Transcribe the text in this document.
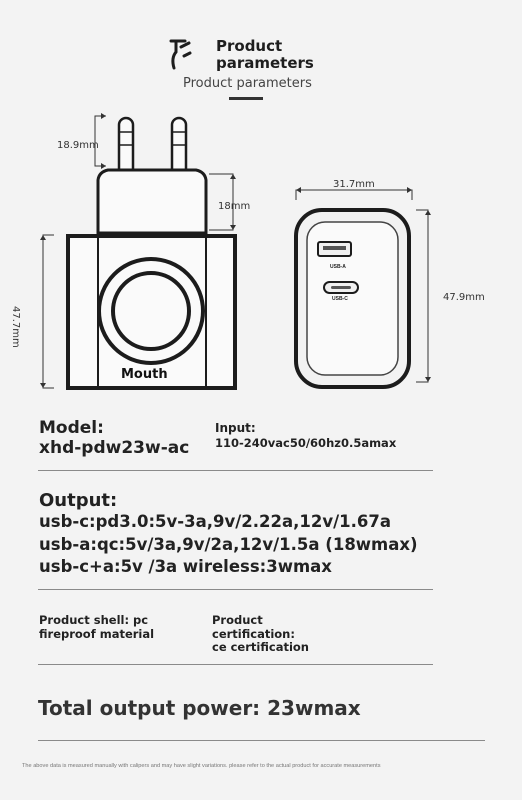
Product
parameters
Product parameters
18.9mm
18mm
47.7mm
31.7mm
47.9mm
Mouth
USB-A
USB-C
Model:
xhd-pdw23w-ac
Input:
110-240vac50/60hz0.5amax
Output:
usb-c:pd3.0:5v-3a,9v/2.22a,12v/1.67a
usb-a:qc:5v/3a,9v/2a,12v/1.5a (18wmax)
usb-c+a:5v /3a wireless:3wmax
Product shell: pc
fireproof material
Product
certification:
ce certification
Total output power: 23wmax
The above data is measured manually with calipers and may have slight variations. please refer to the actual product for accurate measurements
